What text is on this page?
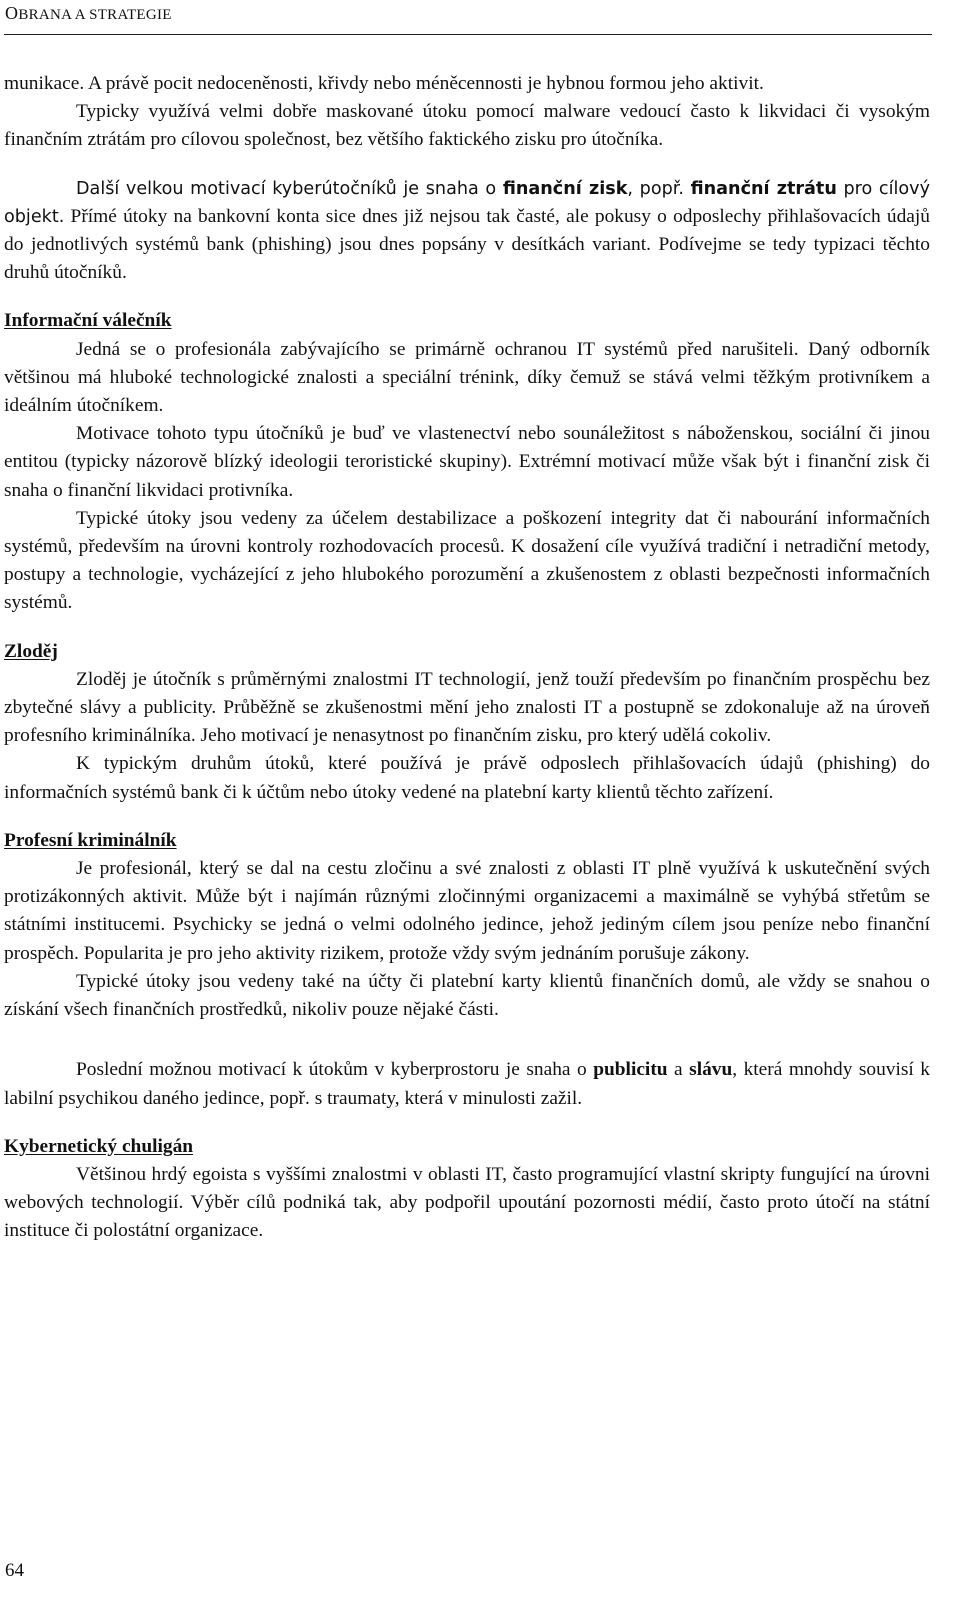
OBRANA A STRATEGIE

munikace. A právě pocit nedoceněnosti, křivdy nebo méněcennosti je hybnou formou jeho aktivit.

Typicky využívá velmi dobře maskované útoku pomocí malware vedoucí často k likvidaci či vysokým finančním ztrátám pro cílovou společnost, bez většího faktického zisku pro útočníka.

Další velkou motivací kyberútočníků je snaha o finanční zisk, popř. finanční ztrátu pro cílový objekt. Přímé útoky na bankovní konta sice dnes již nejsou tak časté, ale pokusy o odposlechy přihlašovacích údajů do jednotlivých systémů bank (phishing) jsou dnes popsány v desítkách variant. Podívejme se tedy typizaci těchto druhů útočníků.

Informační válečník

Jedná se o profesionála zabývajícího se primárně ochranou IT systémů před narušiteli. Daný odborník většinou má hluboké technologické znalosti a speciální trénink, díky čemuž se stává velmi těžkým protivníkem a ideálním útočníkem.

Motivace tohoto typu útočníků je buď ve vlastenectví nebo sounáležitost s náboženskou, sociální či jinou entitou (typicky názorově blízký ideologii teroristické skupiny). Extrémní motivací může však být i finanční zisk či snaha o finanční likvidaci protivníka.

Typické útoky jsou vedeny za účelem destabilizace a poškození integrity dat či nabourání informačních systémů, především na úrovni kontroly rozhodovacích procesů. K dosažení cíle využívá tradiční i netradiční metody, postupy a technologie, vycházející z jeho hlubokého porozumění a zkušenostem z oblasti bezpečnosti informačních systémů.

Zloděj

Zloděj je útočník s průměrnými znalostmi IT technologií, jenž touží především po finančním prospěchu bez zbytečné slávy a publicity. Průběžně se zkušenostmi mění jeho znalosti IT a postupně se zdokonaluje až na úroveň profesního kriminálníka. Jeho motivací je nenasytnost po finančním zisku, pro který udělá cokoliv.

K typickým druhům útoků, které používá je právě odposlech přihlašovacích údajů (phishing) do informačních systémů bank či k účtům nebo útoky vedené na platební karty klientů těchto zařízení.

Profesní kriminálník

Je profesionál, který se dal na cestu zločinu a své znalosti z oblasti IT plně využívá k uskutečnění svých protizákonných aktivit. Může být i najímán různými zločinnými organizacemi a maximálně se vyhýbá střetům se státními institucemi. Psychicky se jedná o velmi odolného jedince, jehož jediným cílem jsou peníze nebo finanční prospěch. Popularita je pro jeho aktivity rizikem, protože vždy svým jednáním porušuje zákony.

Typické útoky jsou vedeny také na účty či platební karty klientů finančních domů, ale vždy se snahou o získání všech finančních prostředků, nikoliv pouze nějaké části.

Poslední možnou motivací k útokům v kyberprostoru je snaha o publicitu a slávu, která mnohdy souvisí k labilní psychikou daného jedince, popř. s traumaty, která v minulosti zažil.

Kybernetický chuligán

Většinou hrdý egoista s vyššími znalostmi v oblasti IT, často programující vlastní skripty fungující na úrovni webových technologií. Výběr cílů podniká tak, aby podpořil upoutání pozornosti médií, často proto útočí na státní instituce či polostátní organizace.

64
